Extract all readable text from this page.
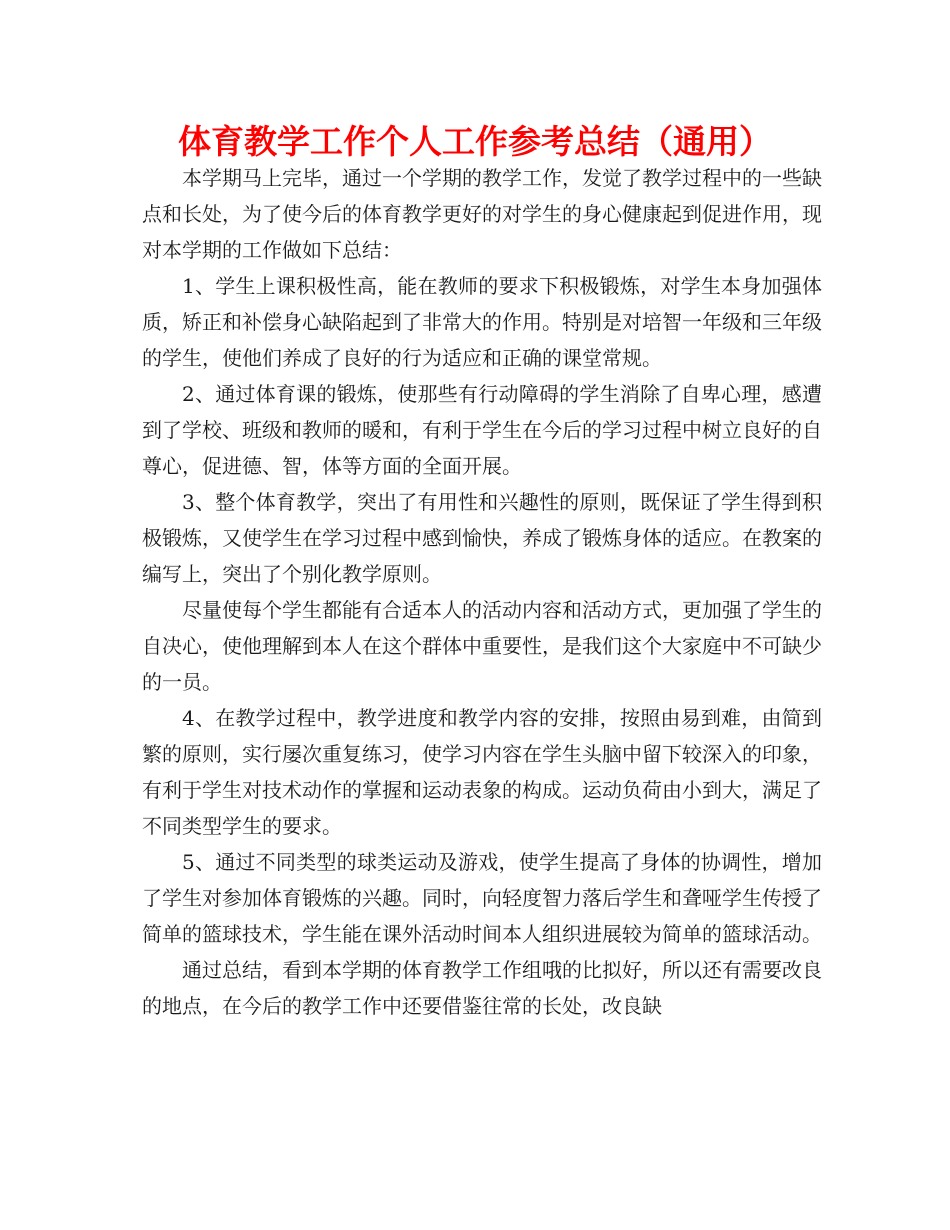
体育教学工作个人工作参考总结（通用）

本学期马上完毕，通过一个学期的教学工作，发觉了教学过程中的一些缺点和长处，为了使今后的体育教学更好的对学生的身心健康起到促进作用，现对本学期的工作做如下总结：

1、学生上课积极性高，能在教师的要求下积极锻炼，对学生本身加强体质，矫正和补偿身心缺陷起到了非常大的作用。特别是对培智一年级和三年级的学生，使他们养成了良好的行为适应和正确的课堂常规。

2、通过体育课的锻炼，使那些有行动障碍的学生消除了自卑心理，感遭到了学校、班级和教师的暖和，有利于学生在今后的学习过程中树立良好的自尊心，促进德、智，体等方面的全面开展。

3、整个体育教学，突出了有用性和兴趣性的原则，既保证了学生得到积极锻炼，又使学生在学习过程中感到愉快，养成了锻炼身体的适应。在教案的编写上，突出了个别化教学原则。

尽量使每个学生都能有合适本人的活动内容和活动方式，更加强了学生的自决心，使他理解到本人在这个群体中重要性，是我们这个大家庭中不可缺少的一员。

4、在教学过程中，教学进度和教学内容的安排，按照由易到难，由简到繁的原则，实行屡次重复练习，使学习内容在学生头脑中留下较深入的印象，有利于学生对技术动作的掌握和运动表象的构成。运动负荷由小到大，满足了不同类型学生的要求。

5、通过不同类型的球类运动及游戏，使学生提高了身体的协调性，增加了学生对参加体育锻炼的兴趣。同时，向轻度智力落后学生和聋哑学生传授了简单的篮球技术，学生能在课外活动时间本人组织进展较为简单的篮球活动。

通过总结，看到本学期的体育教学工作组哦的比拟好，所以还有需要改良的地点，在今后的教学工作中还要借鉴往常的长处，改良缺
